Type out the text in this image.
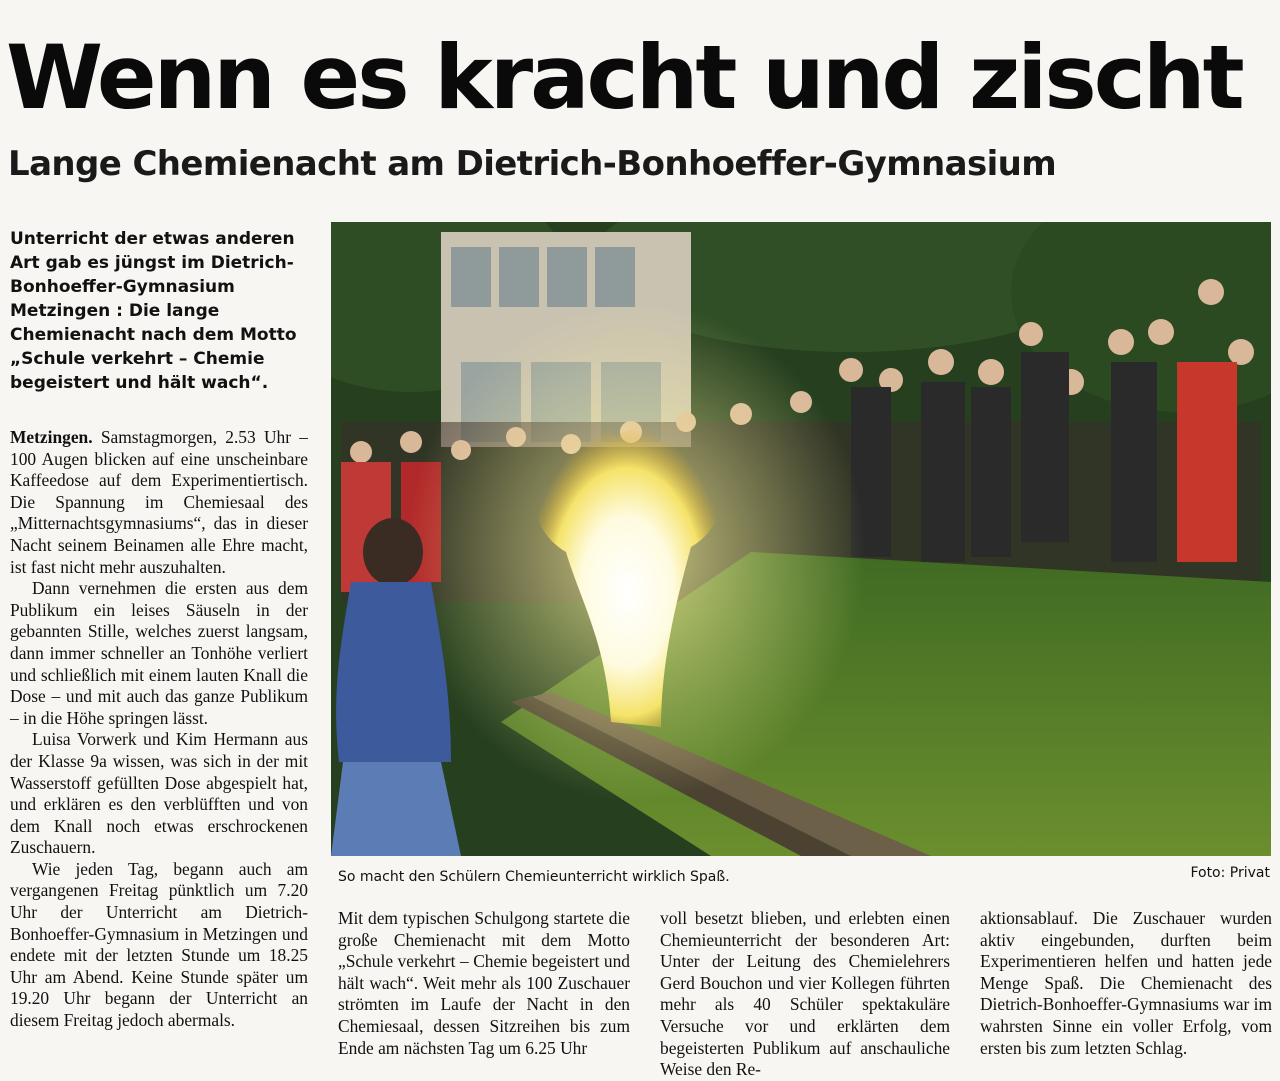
Wenn es kracht und zischt
Lange Chemienacht am Dietrich-Bonhoeffer-Gymnasium

Unterricht der etwas anderen Art gab es jüngst im Dietrich-Bonhoeffer-Gymnasium Metzingen : Die lange Chemienacht nach dem Motto „Schule verkehrt – Chemie begeistert und hält wach“.

Metzingen. Samstagmorgen, 2.53 Uhr – 100 Augen blicken auf eine unscheinbare Kaffeedose auf dem Experimentiertisch. Die Spannung im Chemiesaal des „Mitternachtsgymnasiums“, das in dieser Nacht seinem Beinamen alle Ehre macht, ist fast nicht mehr auszuhalten.

Dann vernehmen die ersten aus dem Publikum ein leises Säuseln in der gebannten Stille, welches zuerst langsam, dann immer schneller an Tonhöhe verliert und schließlich mit einem lauten Knall die Dose – und mit auch das ganze Publikum – in die Höhe springen lässt.

Luisa Vorwerk und Kim Hermann aus der Klasse 9a wissen, was sich in der mit Wasserstoff gefüllten Dose abgespielt hat, und erklären es den verblüfften und von dem Knall noch etwas erschrockenen Zuschauern.

Wie jeden Tag, begann auch am vergangenen Freitag pünktlich um 7.20 Uhr der Unterricht am Dietrich-Bonhoeffer-Gymnasium in Metzingen und endete mit der letzten Stunde um 18.25 Uhr am Abend. Keine Stunde später um 19.20 Uhr begann der Unterricht an diesem Freitag jedoch abermals.

So macht den Schülern Chemieunterricht wirklich Spaß.	Foto: Privat

Mit dem typischen Schulgong startete die große Chemienacht mit dem Motto „Schule verkehrt – Chemie begeistert und hält wach“. Weit mehr als 100 Zuschauer strömten im Laufe der Nacht in den Chemiesaal, dessen Sitzreihen bis zum Ende am nächsten Tag um 6.25 Uhr

voll besetzt blieben, und erlebten einen Chemieunterricht der besonderen Art: Unter der Leitung des Chemielehrers Gerd Bouchon und vier Kollegen führten mehr als 40 Schüler spektakuläre Versuche vor und erklärten dem begeisterten Publikum auf anschauliche Weise den Re-

aktionsablauf. Die Zuschauer wurden aktiv eingebunden, durften beim Experimentieren helfen und hatten jede Menge Spaß. Die Chemienacht des Dietrich-Bonhoeffer-Gymnasiums war im wahrsten Sinne ein voller Erfolg, vom ersten bis zum letzten Schlag.
